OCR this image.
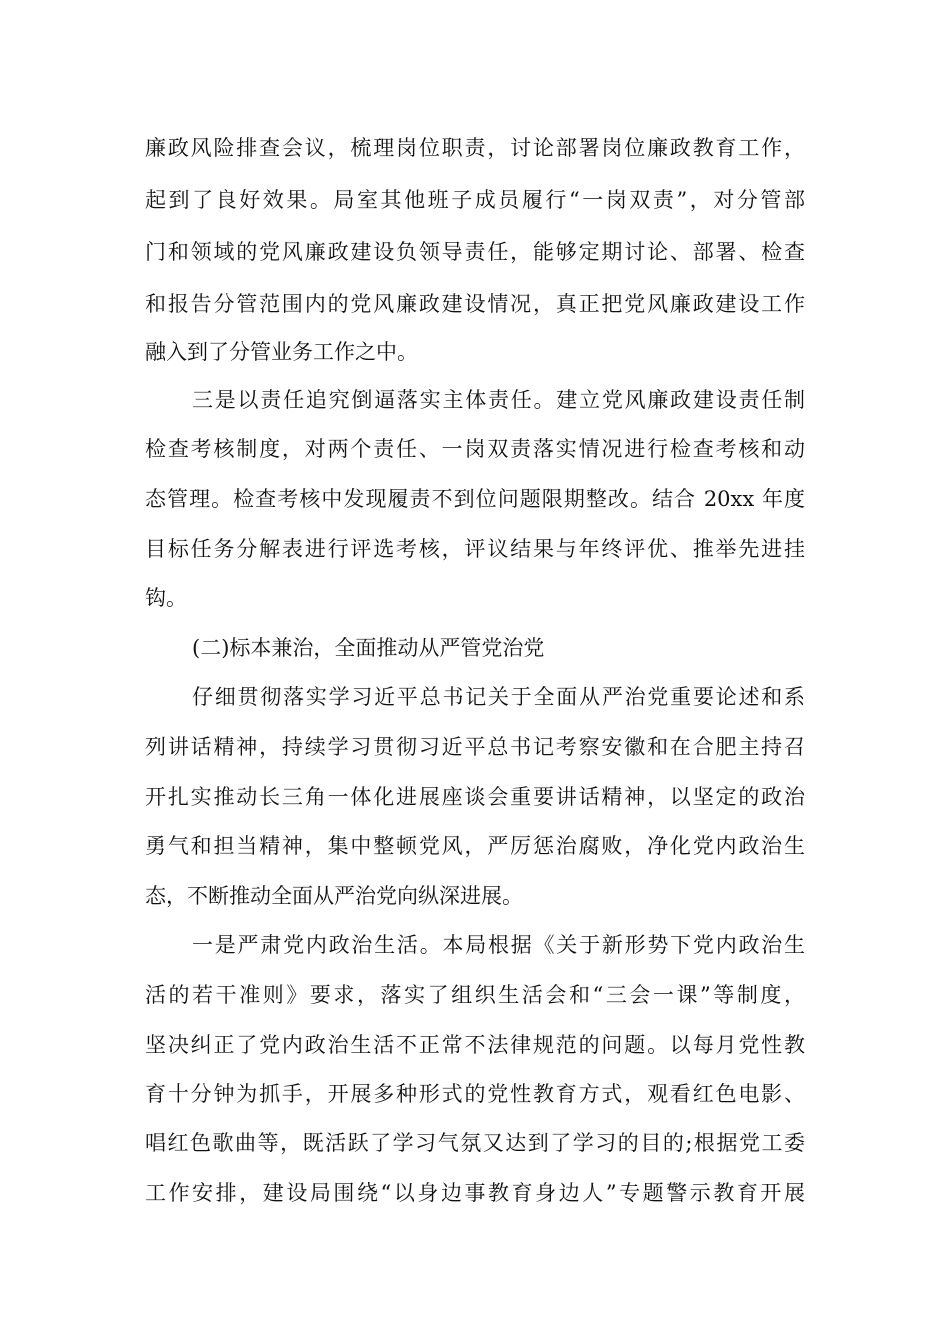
廉政风险排查会议，梳理岗位职责，讨论部署岗位廉政教育工作，
起到了良好效果。局室其他班子成员履行“一岗双责”，对分管部
门和领域的党风廉政建设负领导责任，能够定期讨论、部署、检查
和报告分管范围内的党风廉政建设情况，真正把党风廉政建设工作
融入到了分管业务工作之中。
三是以责任追究倒逼落实主体责任。建立党风廉政建设责任制
检查考核制度，对两个责任、一岗双责落实情况进行检查考核和动
态管理。检查考核中发现履责不到位问题限期整改。结合 20xx 年度
目标任务分解表进行评选考核，评议结果与年终评优、推举先进挂
钩。
(二)标本兼治，全面推动从严管党治党
仔细贯彻落实学习近平总书记关于全面从严治党重要论述和系
列讲话精神，持续学习贯彻习近平总书记考察安徽和在合肥主持召
开扎实推动长三角一体化进展座谈会重要讲话精神，以坚定的政治
勇气和担当精神，集中整顿党风，严厉惩治腐败，净化党内政治生
态，不断推动全面从严治党向纵深进展。
一是严肃党内政治生活。本局根据《关于新形势下党内政治生
活的若干准则》要求，落实了组织生活会和“三会一课”等制度，
坚决纠正了党内政治生活不正常不法律规范的问题。以每月党性教
育十分钟为抓手，开展多种形式的党性教育方式，观看红色电影、
唱红色歌曲等，既活跃了学习气氛又达到了学习的目的;根据党工委
工作安排，建设局围绕“以身边事教育身边人”专题警示教育开展
